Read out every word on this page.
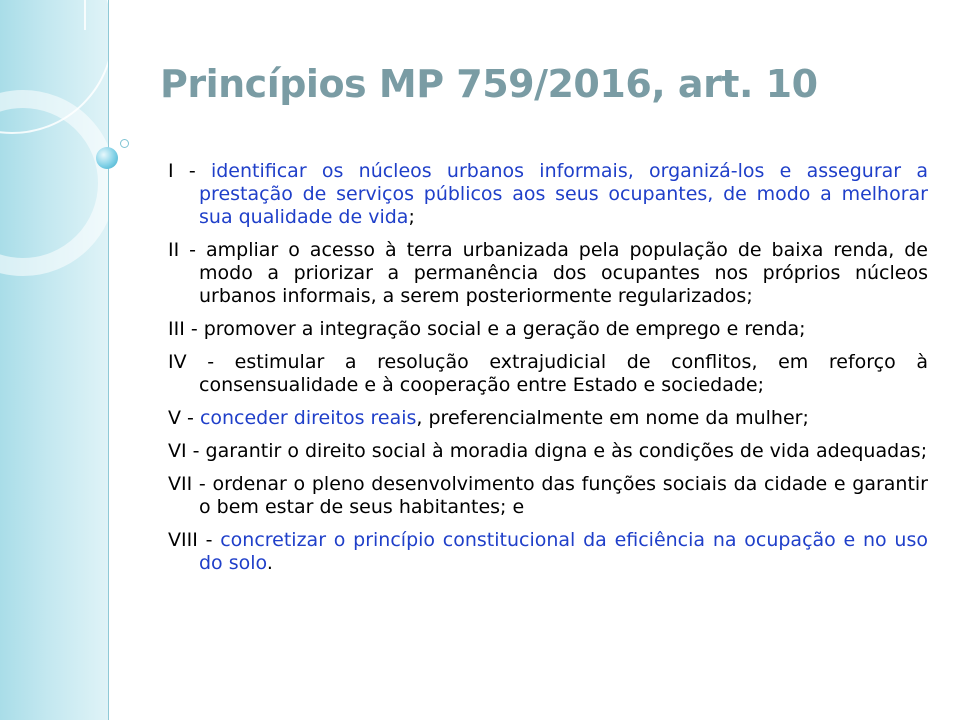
Princípios MP 759/2016, art. 10

I - identificar os núcleos urbanos informais, organizá-los e assegurar a prestação de serviços públicos aos seus ocupantes, de modo a melhorar sua qualidade de vida;

II - ampliar o acesso à terra urbanizada pela população de baixa renda, de modo a priorizar a permanência dos ocupantes nos próprios núcleos urbanos informais, a serem posteriormente regularizados;

III - promover a integração social e a geração de emprego e renda;

IV - estimular a resolução extrajudicial de conflitos, em reforço à consensualidade e à cooperação entre Estado e sociedade;

V - conceder direitos reais, preferencialmente em nome da mulher;

VI - garantir o direito social à moradia digna e às condições de vida adequadas;

VII - ordenar o pleno desenvolvimento das funções sociais da cidade e garantir o bem estar de seus habitantes; e

VIII - concretizar o princípio constitucional da eficiência na ocupação e no uso do solo.
